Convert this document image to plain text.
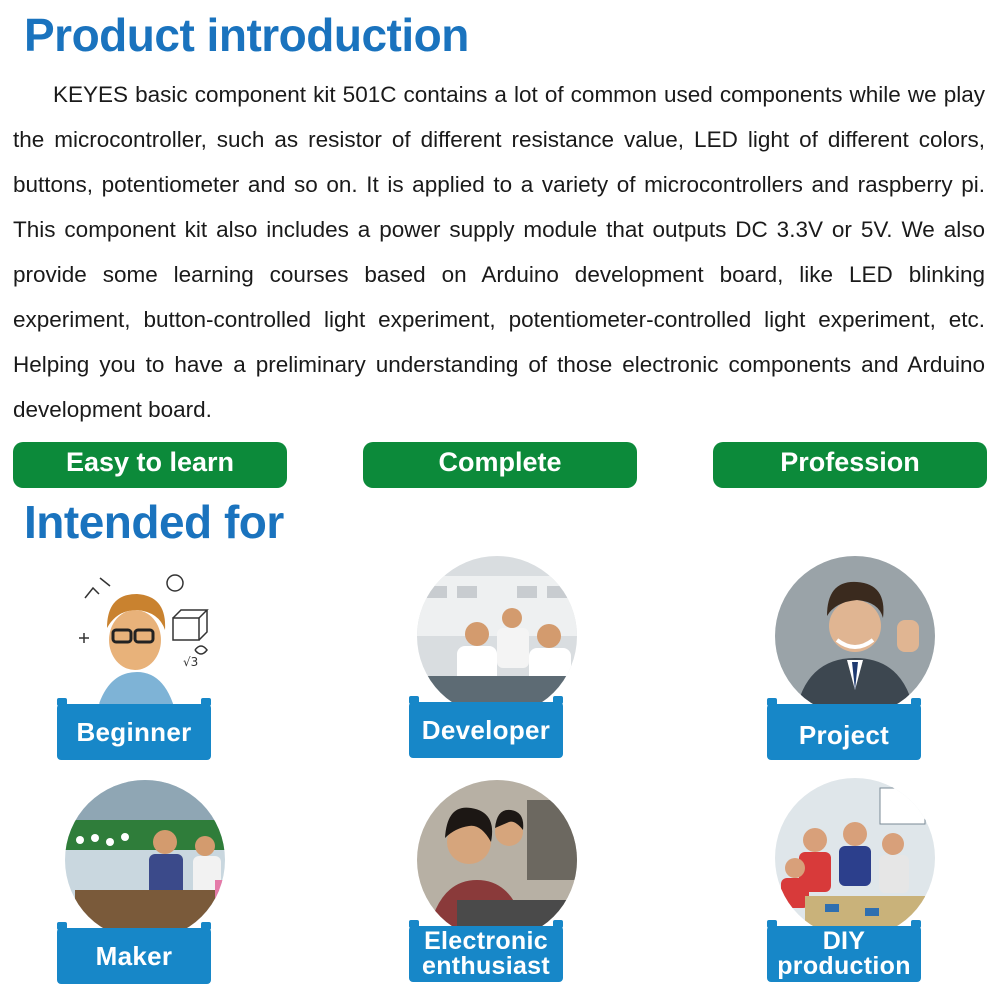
Product introduction

KEYES basic component kit 501C contains a lot of common used components while we play the microcontroller, such as resistor of different resistance value, LED light of different colors, buttons, potentiometer and so on. It is applied to a variety of microcontrollers and raspberry pi. This component kit also includes a power supply module that outputs DC 3.3V or 5V. We also provide some learning courses based on Arduino development board, like LED blinking experiment, button-controlled light experiment, potentiometer-controlled light experiment, etc. Helping you to have a preliminary understanding of those electronic components and Arduino development board.

Easy to learn	Complete	Profession
Intended for
√3
Beginner	Developer	Project
Maker	Electronic
enthusiast
DIY
production
